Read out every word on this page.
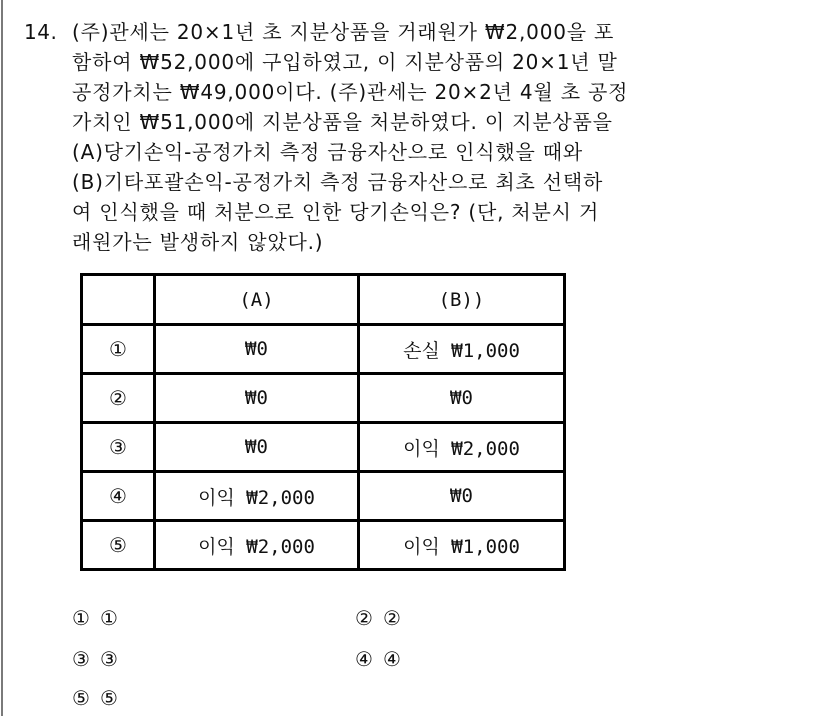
14. (주)관세는 20×1년 초 지분상품을 거래원가 ₩2,000을 포
함하여 ₩52,000에 구입하였고, 이 지분상품의 20×1년 말
공정가치는 ₩49,000이다. (주)관세는 20×2년 4월 초 공정
가치인 ₩51,000에 지분상품을 처분하였다. 이 지분상품을
(A)당기손익-공정가치 측정 금융자산으로 인식했을 때와
(B)기타포괄손익-공정가치 측정 금융자산으로 최초 선택하
여 인식했을 때 처분으로 인한 당기손익은? (단, 처분시 거
래원가는 발생하지 않았다.)
	(A)	(B))
①	₩0	손실 ₩1,000
②	₩0	₩0
③	₩0	이익 ₩2,000
④	이익 ₩2,000	₩0
⑤	이익 ₩2,000	이익 ₩1,000
① ①	② ②
③ ③	④ ④
⑤ ⑤
